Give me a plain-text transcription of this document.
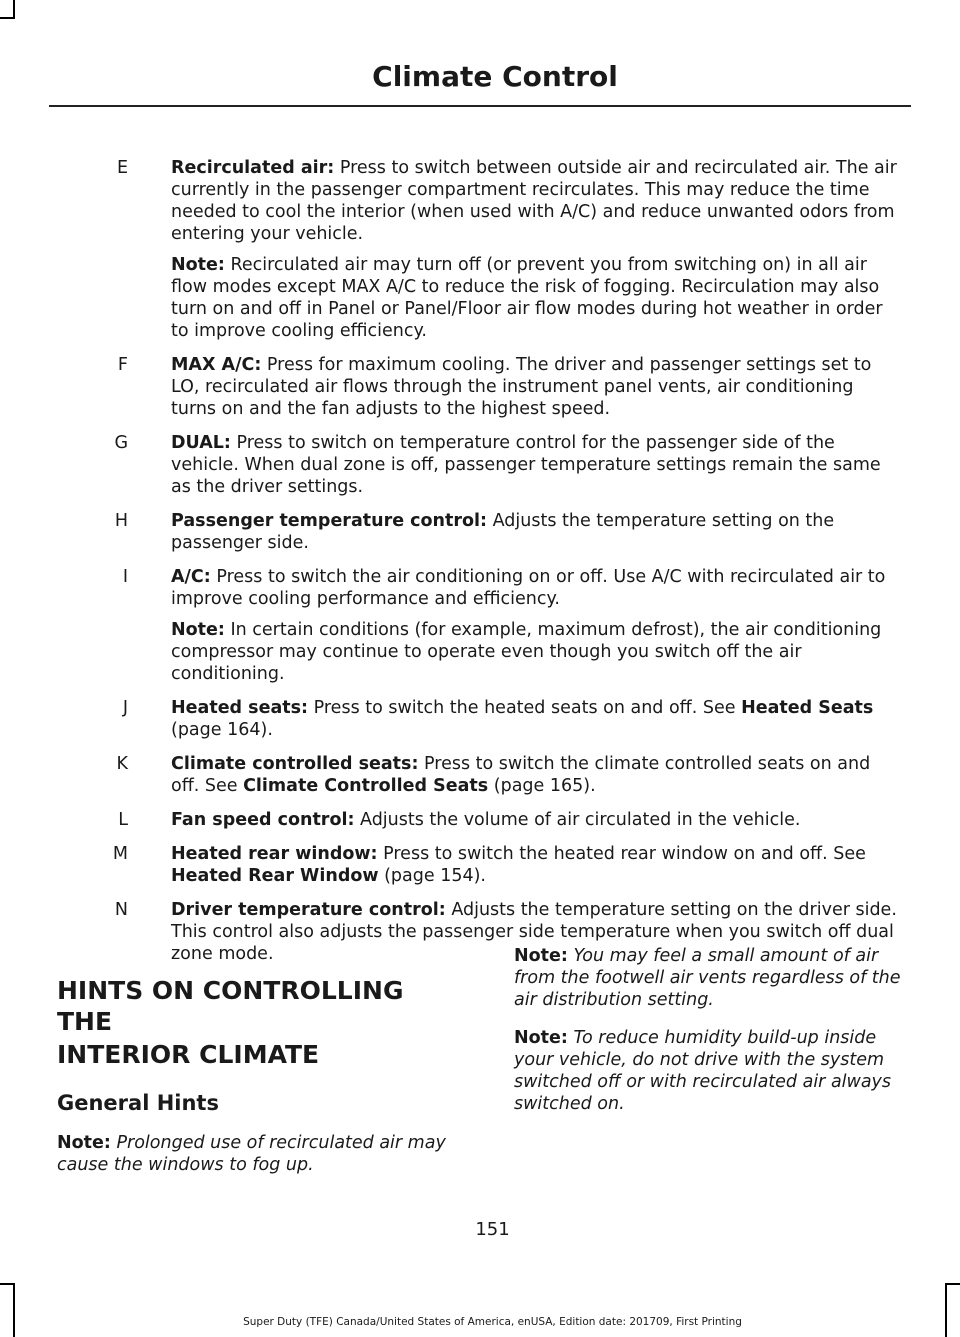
Climate Control
E Recirculated air: Press to switch between outside air and recirculated air. The air currently in the passenger compartment recirculates. This may reduce the time needed to cool the interior (when used with A/C) and reduce unwanted odors from entering your vehicle.
Note: Recirculated air may turn off (or prevent you from switching on) in all air flow modes except MAX A/C to reduce the risk of fogging. Recirculation may also turn on and off in Panel or Panel/Floor air flow modes during hot weather in order to improve cooling efficiency.
F MAX A/C: Press for maximum cooling. The driver and passenger settings set to LO, recirculated air flows through the instrument panel vents, air conditioning turns on and the fan adjusts to the highest speed.
G DUAL: Press to switch on temperature control for the passenger side of the vehicle. When dual zone is off, passenger temperature settings remain the same as the driver settings.
H Passenger temperature control: Adjusts the temperature setting on the passenger side.
I A/C: Press to switch the air conditioning on or off. Use A/C with recirculated air to improve cooling performance and efficiency.
Note: In certain conditions (for example, maximum defrost), the air conditioning compressor may continue to operate even though you switch off the air conditioning.
J Heated seats: Press to switch the heated seats on and off. See Heated Seats (page 164).
K Climate controlled seats: Press to switch the climate controlled seats on and off. See Climate Controlled Seats (page 165).
L Fan speed control: Adjusts the volume of air circulated in the vehicle.
M Heated rear window: Press to switch the heated rear window on and off. See Heated Rear Window (page 154).
N Driver temperature control: Adjusts the temperature setting on the driver side. This control also adjusts the passenger side temperature when you switch off dual zone mode.
HINTS ON CONTROLLING THE
INTERIOR CLIMATE
General Hints

Note: Prolonged use of recirculated air may cause the windows to fog up.

Note: You may feel a small amount of air from the footwell air vents regardless of the air distribution setting.

Note: To reduce humidity build-up inside your vehicle, do not drive with the system switched off or with recirculated air always switched on.

151
Super Duty (TFE) Canada/United States of America, enUSA, Edition date: 201709, First Printing
